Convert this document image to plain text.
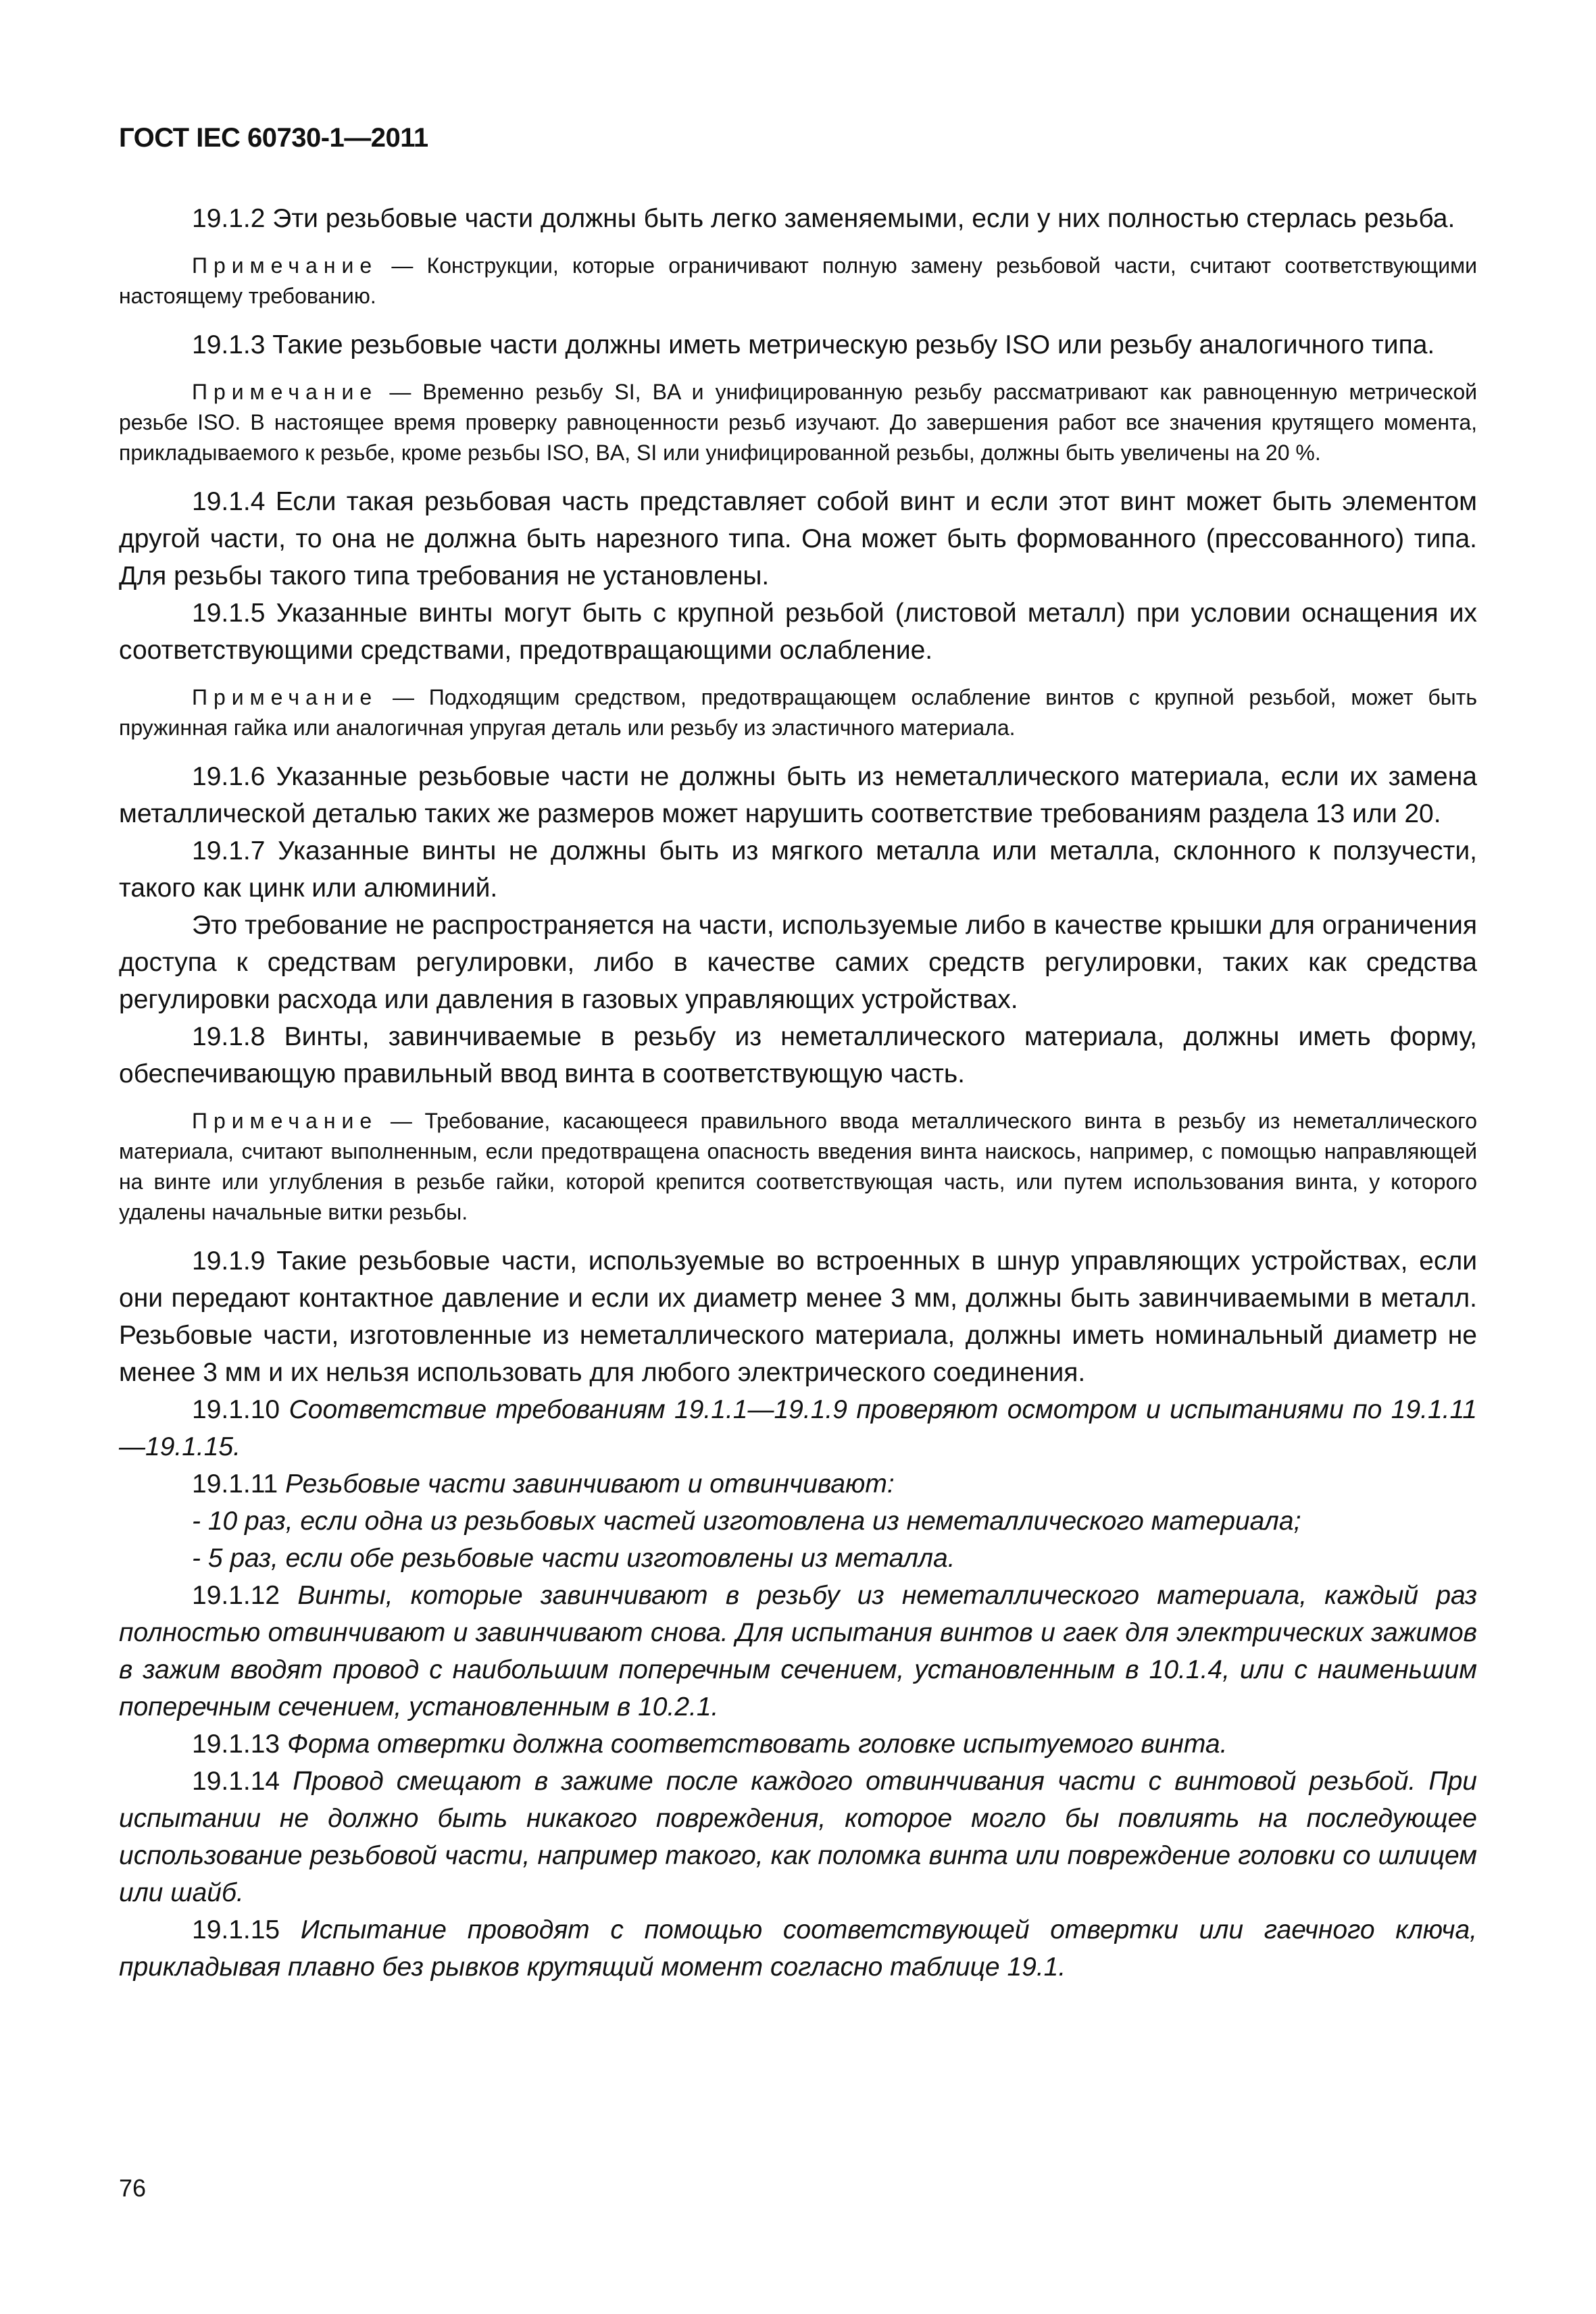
ГОСТ IEC 60730-1—2011

19.1.2 Эти резьбовые части должны быть легко заменяемыми, если у них полностью стерлась резьба.

Примечание — Конструкции, которые ограничивают полную замену резьбовой части, считают соответствующими настоящему требованию.

19.1.3 Такие резьбовые части должны иметь метрическую резьбу ISO или резьбу аналогичного типа.

Примечание — Временно резьбу SI, BA и унифицированную резьбу рассматривают как равноценную метрической резьбе ISO. В настоящее время проверку равноценности резьб изучают. До завершения работ все значения крутящего момента, прикладываемого к резьбе, кроме резьбы ISO, BA, SI или унифицированной резьбы, должны быть увеличены на 20 %.

19.1.4 Если такая резьбовая часть представляет собой винт и если этот винт может быть элементом другой части, то она не должна быть нарезного типа. Она может быть формованного (прессованного) типа. Для резьбы такого типа требования не установлены.

19.1.5 Указанные винты могут быть с крупной резьбой (листовой металл) при условии оснащения их соответствующими средствами, предотвращающими ослабление.

Примечание — Подходящим средством, предотвращающем ослабление винтов с крупной резьбой, может быть пружинная гайка или аналогичная упругая деталь или резьбу из эластичного материала.

19.1.6 Указанные резьбовые части не должны быть из неметаллического материала, если их замена металлической деталью таких же размеров может нарушить соответствие требованиям раздела 13 или 20.

19.1.7 Указанные винты не должны быть из мягкого металла или металла, склонного к ползучести, такого как цинк или алюминий.

Это требование не распространяется на части, используемые либо в качестве крышки для ограничения доступа к средствам регулировки, либо в качестве самих средств регулировки, таких как средства регулировки расхода или давления в газовых управляющих устройствах.

19.1.8 Винты, завинчиваемые в резьбу из неметаллического материала, должны иметь форму, обеспечивающую правильный ввод винта в соответствующую часть.

Примечание — Требование, касающееся правильного ввода металлического винта в резьбу из неметаллического материала, считают выполненным, если предотвращена опасность введения винта наискось, например, с помощью направляющей на винте или углубления в резьбе гайки, которой крепится соответствующая часть, или путем использования винта, у которого удалены начальные витки резьбы.

19.1.9 Такие резьбовые части, используемые во встроенных в шнур управляющих устройствах, если они передают контактное давление и если их диаметр менее 3 мм, должны быть завинчиваемыми в металл. Резьбовые части, изготовленные из неметаллического материала, должны иметь номинальный диаметр не менее 3 мм и их нельзя использовать для любого электрического соединения.

19.1.10 Соответствие требованиям 19.1.1—19.1.9 проверяют осмотром и испытаниями по 19.1.11—19.1.15.

19.1.11 Резьбовые части завинчивают и отвинчивают:

- 10 раз, если одна из резьбовых частей изготовлена из неметаллического материала;

- 5 раз, если обе резьбовые части изготовлены из металла.

19.1.12 Винты, которые завинчивают в резьбу из неметаллического материала, каждый раз полностью отвинчивают и завинчивают снова. Для испытания винтов и гаек для электрических зажимов в зажим вводят провод с наибольшим поперечным сечением, установленным в 10.1.4, или с наименьшим поперечным сечением, установленным в 10.2.1.

19.1.13 Форма отвертки должна соответствовать головке испытуемого винта.

19.1.14 Провод смещают в зажиме после каждого отвинчивания части с винтовой резьбой. При испытании не должно быть никакого повреждения, которое могло бы повлиять на последующее использование резьбовой части, например такого, как поломка винта или повреждение головки со шлицем или шайб.

19.1.15 Испытание проводят с помощью соответствующей отвертки или гаечного ключа, прикладывая плавно без рывков крутящий момент согласно таблице 19.1.

76
